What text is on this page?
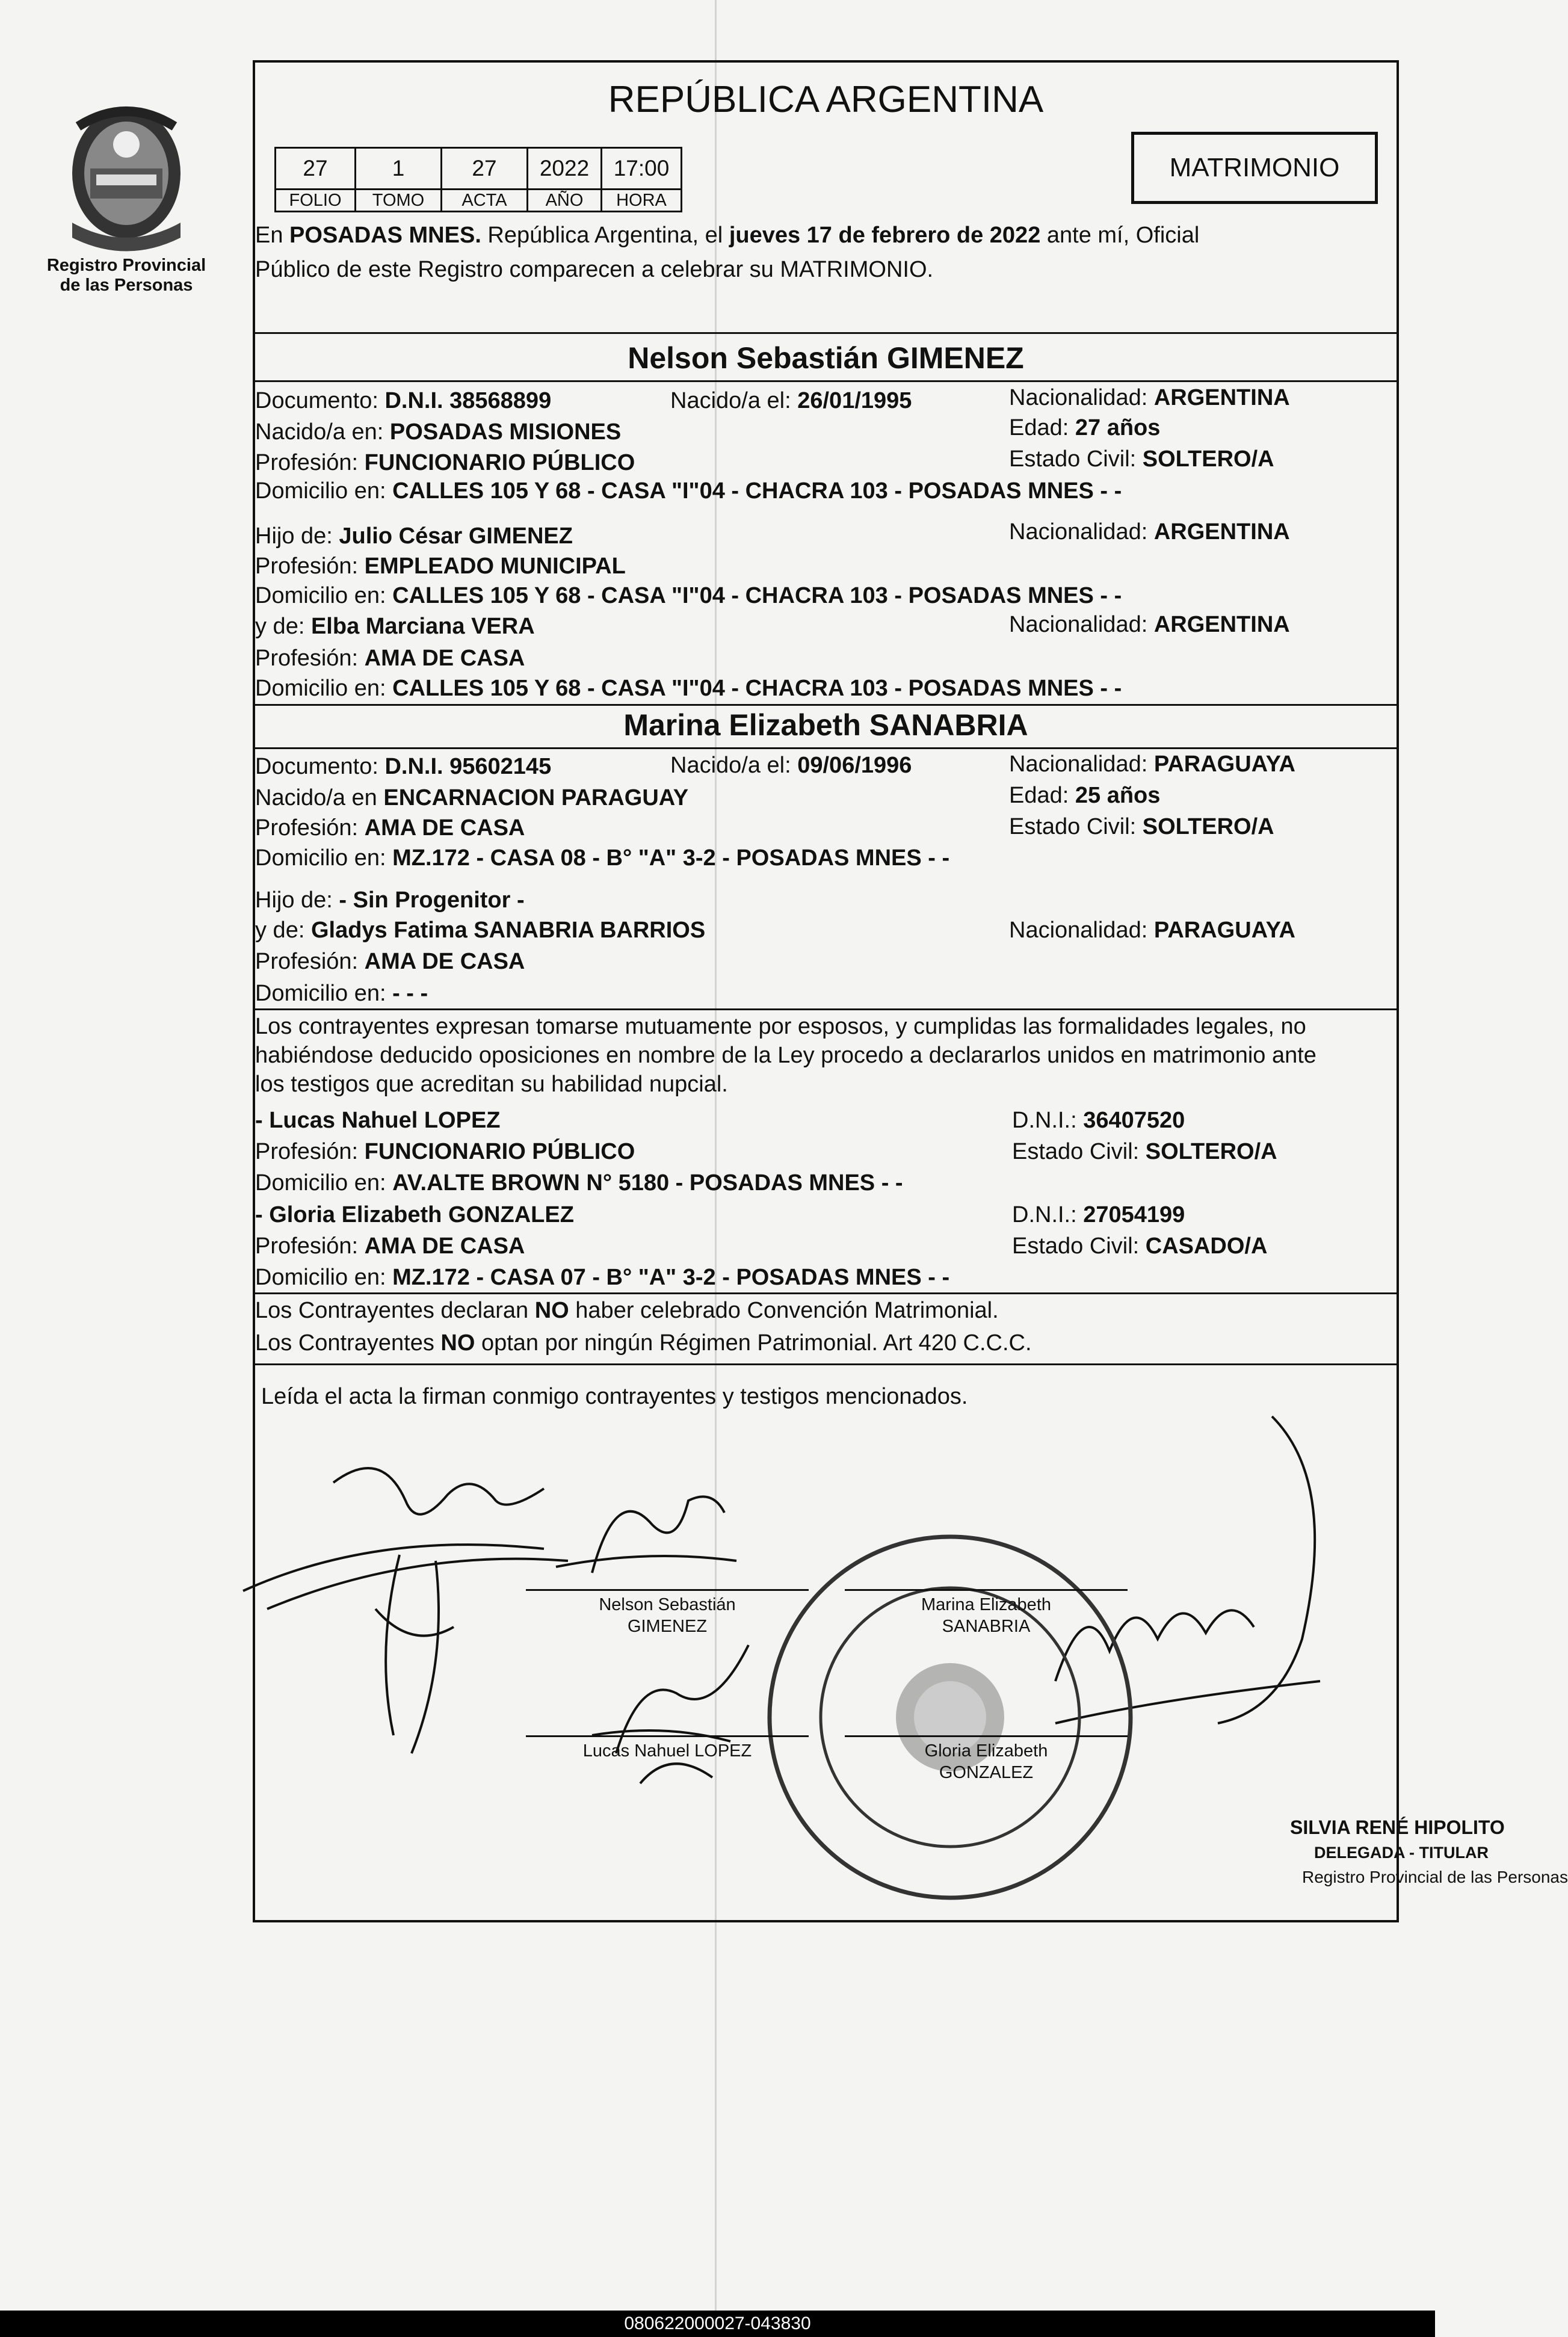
Registro Provincial
de las Personas
REPÚBLICA ARGENTINA
27	1	27	2022	17:00
FOLIO	TOMO	ACTA	AÑO	HORA
MATRIMONIO
En POSADAS MNES. República Argentina, el jueves 17 de febrero de 2022 ante mí, Oficial
Público de este Registro comparecen a celebrar su MATRIMONIO.
Nelson Sebastián GIMENEZ
Documento: D.N.I. 38568899	Nacido/a el: 26/01/1995	Nacionalidad: ARGENTINA
Nacido/a en: POSADAS MISIONES	Edad: 27 años
Profesión: FUNCIONARIO PÚBLICO	Estado Civil: SOLTERO/A
Domicilio en: CALLES 105 Y 68 - CASA "I"04 - CHACRA 103 - POSADAS MNES - -
Hijo de: Julio César GIMENEZ	Nacionalidad: ARGENTINA
Profesión: EMPLEADO MUNICIPAL
Domicilio en: CALLES 105 Y 68 - CASA "I"04 - CHACRA 103 - POSADAS MNES - -
y de: Elba Marciana VERA	Nacionalidad: ARGENTINA
Profesión: AMA DE CASA
Domicilio en: CALLES 105 Y 68 - CASA "I"04 - CHACRA 103 - POSADAS MNES - -
Marina Elizabeth SANABRIA
Documento: D.N.I. 95602145	Nacido/a el: 09/06/1996	Nacionalidad: PARAGUAYA
Nacido/a en ENCARNACION PARAGUAY	Edad: 25 años
Profesión: AMA DE CASA	Estado Civil: SOLTERO/A
Domicilio en: MZ.172 - CASA 08 - B° "A" 3-2 - POSADAS MNES - -
Hijo de: - Sin Progenitor -
y de: Gladys Fatima SANABRIA BARRIOS	Nacionalidad: PARAGUAYA
Profesión: AMA DE CASA
Domicilio en: - - -
Los contrayentes expresan tomarse mutuamente por esposos, y cumplidas las formalidades legales, no
habiéndose deducido oposiciones en nombre de la Ley procedo a declararlos unidos en matrimonio ante
los testigos que acreditan su habilidad nupcial.
- Lucas Nahuel LOPEZ	D.N.I.: 36407520
Profesión: FUNCIONARIO PÚBLICO	Estado Civil: SOLTERO/A
Domicilio en: AV.ALTE BROWN N° 5180 - POSADAS MNES - -
- Gloria Elizabeth GONZALEZ	D.N.I.: 27054199
Profesión: AMA DE CASA	Estado Civil: CASADO/A
Domicilio en: MZ.172 - CASA 07 - B° "A" 3-2 - POSADAS MNES - -
Los Contrayentes declaran NO haber celebrado Convención Matrimonial.
Los Contrayentes NO optan por ningún Régimen Patrimonial. Art 420 C.C.C.
Leída el acta la firman conmigo contrayentes y testigos mencionados.
Nelson Sebastián
GIMENEZ
Marina Elizabeth
SANABRIA
Lucas Nahuel LOPEZ	Gloria Elizabeth
GONZALEZ
SILVIA RENÉ HIPOLITO
DELEGADA - TITULAR
Registro Provincial de las Personas
080622000027-043830
